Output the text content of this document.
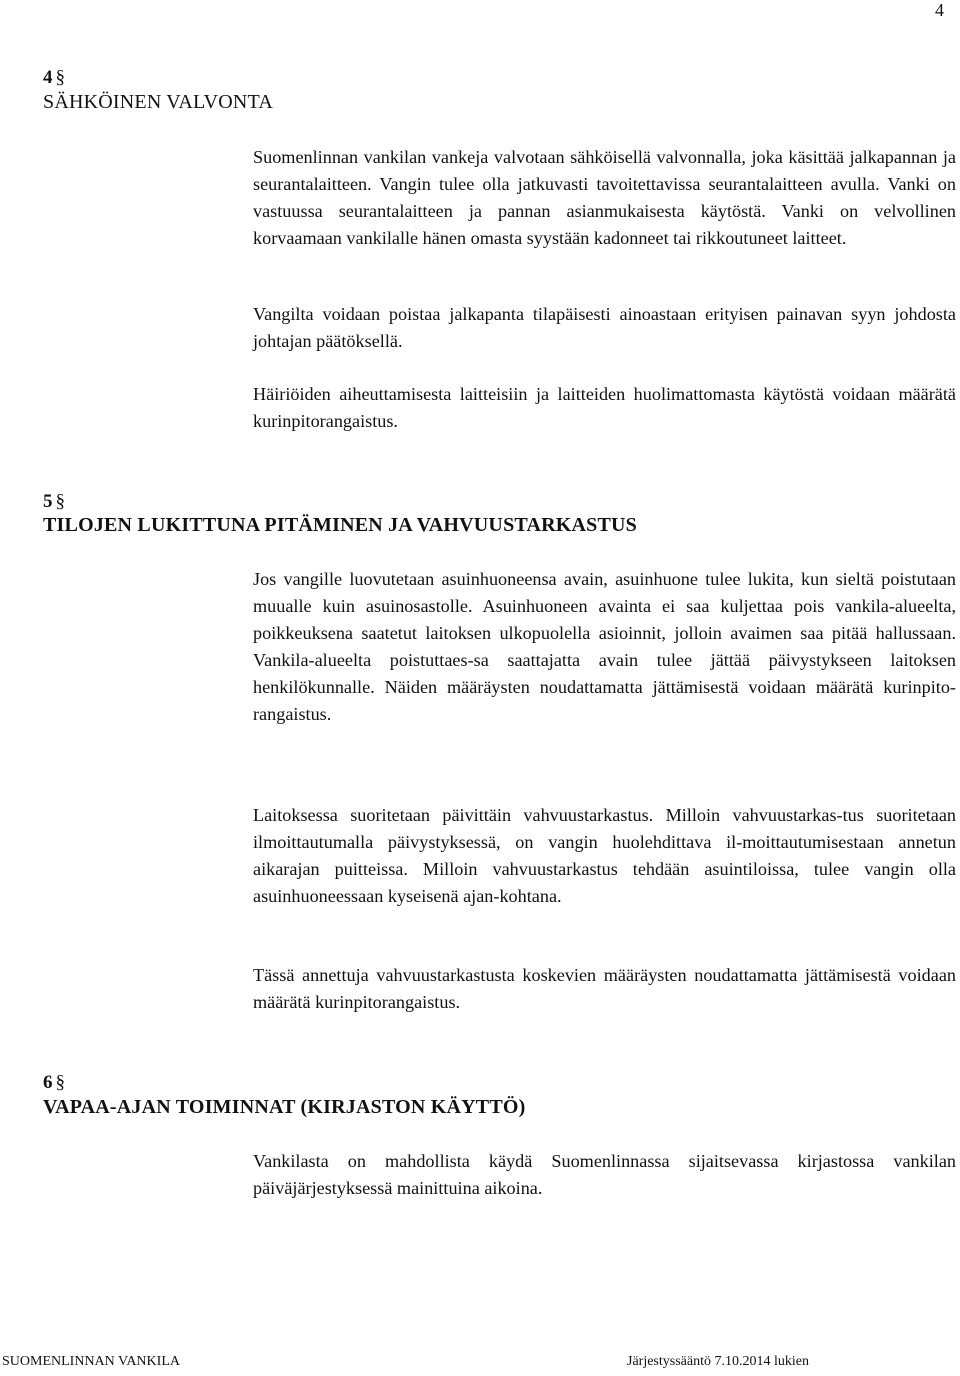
4
4 §
SÄHKÖINEN VALVONTA

Suomenlinnan vankilan vankeja valvotaan sähköisellä valvonnalla, joka käsittää jalkapannan ja seurantalaitteen. Vangin tulee olla jatkuvasti tavoitettavissa seurantalaitteen avulla. Vanki on vastuussa seurantalaitteen ja pannan asianmukaisesta käytöstä. Vanki on velvollinen korvaamaan vankilalle hänen omasta syystään kadonneet tai rikkoutuneet laitteet.

Vangilta voidaan poistaa jalkapanta tilapäisesti ainoastaan erityisen painavan syyn johdosta johtajan päätöksellä.

Häiriöiden aiheuttamisesta laitteisiin ja laitteiden huolimattomasta käytöstä voidaan määrätä kurinpitorangaistus.

5 §
TILOJEN LUKITTUNA PITÄMINEN JA VAHVUUSTARKASTUS

Jos vangille luovutetaan asuinhuoneensa avain, asuinhuone tulee lukita, kun sieltä poistutaan muualle kuin asuinosastolle. Asuinhuoneen avainta ei saa kuljettaa pois vankila-alueelta, poikkeuksena saatetut laitoksen ulkopuolella asioinnit, jolloin avaimen saa pitää hallussaan. Vankila-alueelta poistuttaes-sa saattajatta avain tulee jättää päivystykseen laitoksen henkilökunnalle. Näiden määräysten noudattamatta jättämisestä voidaan määrätä kurinpito-rangaistus.

Laitoksessa suoritetaan päivittäin vahvuustarkastus. Milloin vahvuustarkas-tus suoritetaan ilmoittautumalla päivystyksessä, on vangin huolehdittava il-moittautumisestaan annetun aikarajan puitteissa. Milloin vahvuustarkastus tehdään asuintiloissa, tulee vangin olla asuinhuoneessaan kyseisenä ajan-kohtana.

Tässä annettuja vahvuustarkastusta koskevien määräysten noudattamatta jättämisestä voidaan määrätä kurinpitorangaistus.

6 §
VAPAA-AJAN TOIMINNAT (KIRJASTON KÄYTTÖ)

Vankilasta on mahdollista käydä Suomenlinnassa sijaitsevassa kirjastossa vankilan päiväjärjestyksessä mainittuina aikoina.

SUOMENLINNAN VANKILA	Järjestyssääntö 7.10.2014 lukien
